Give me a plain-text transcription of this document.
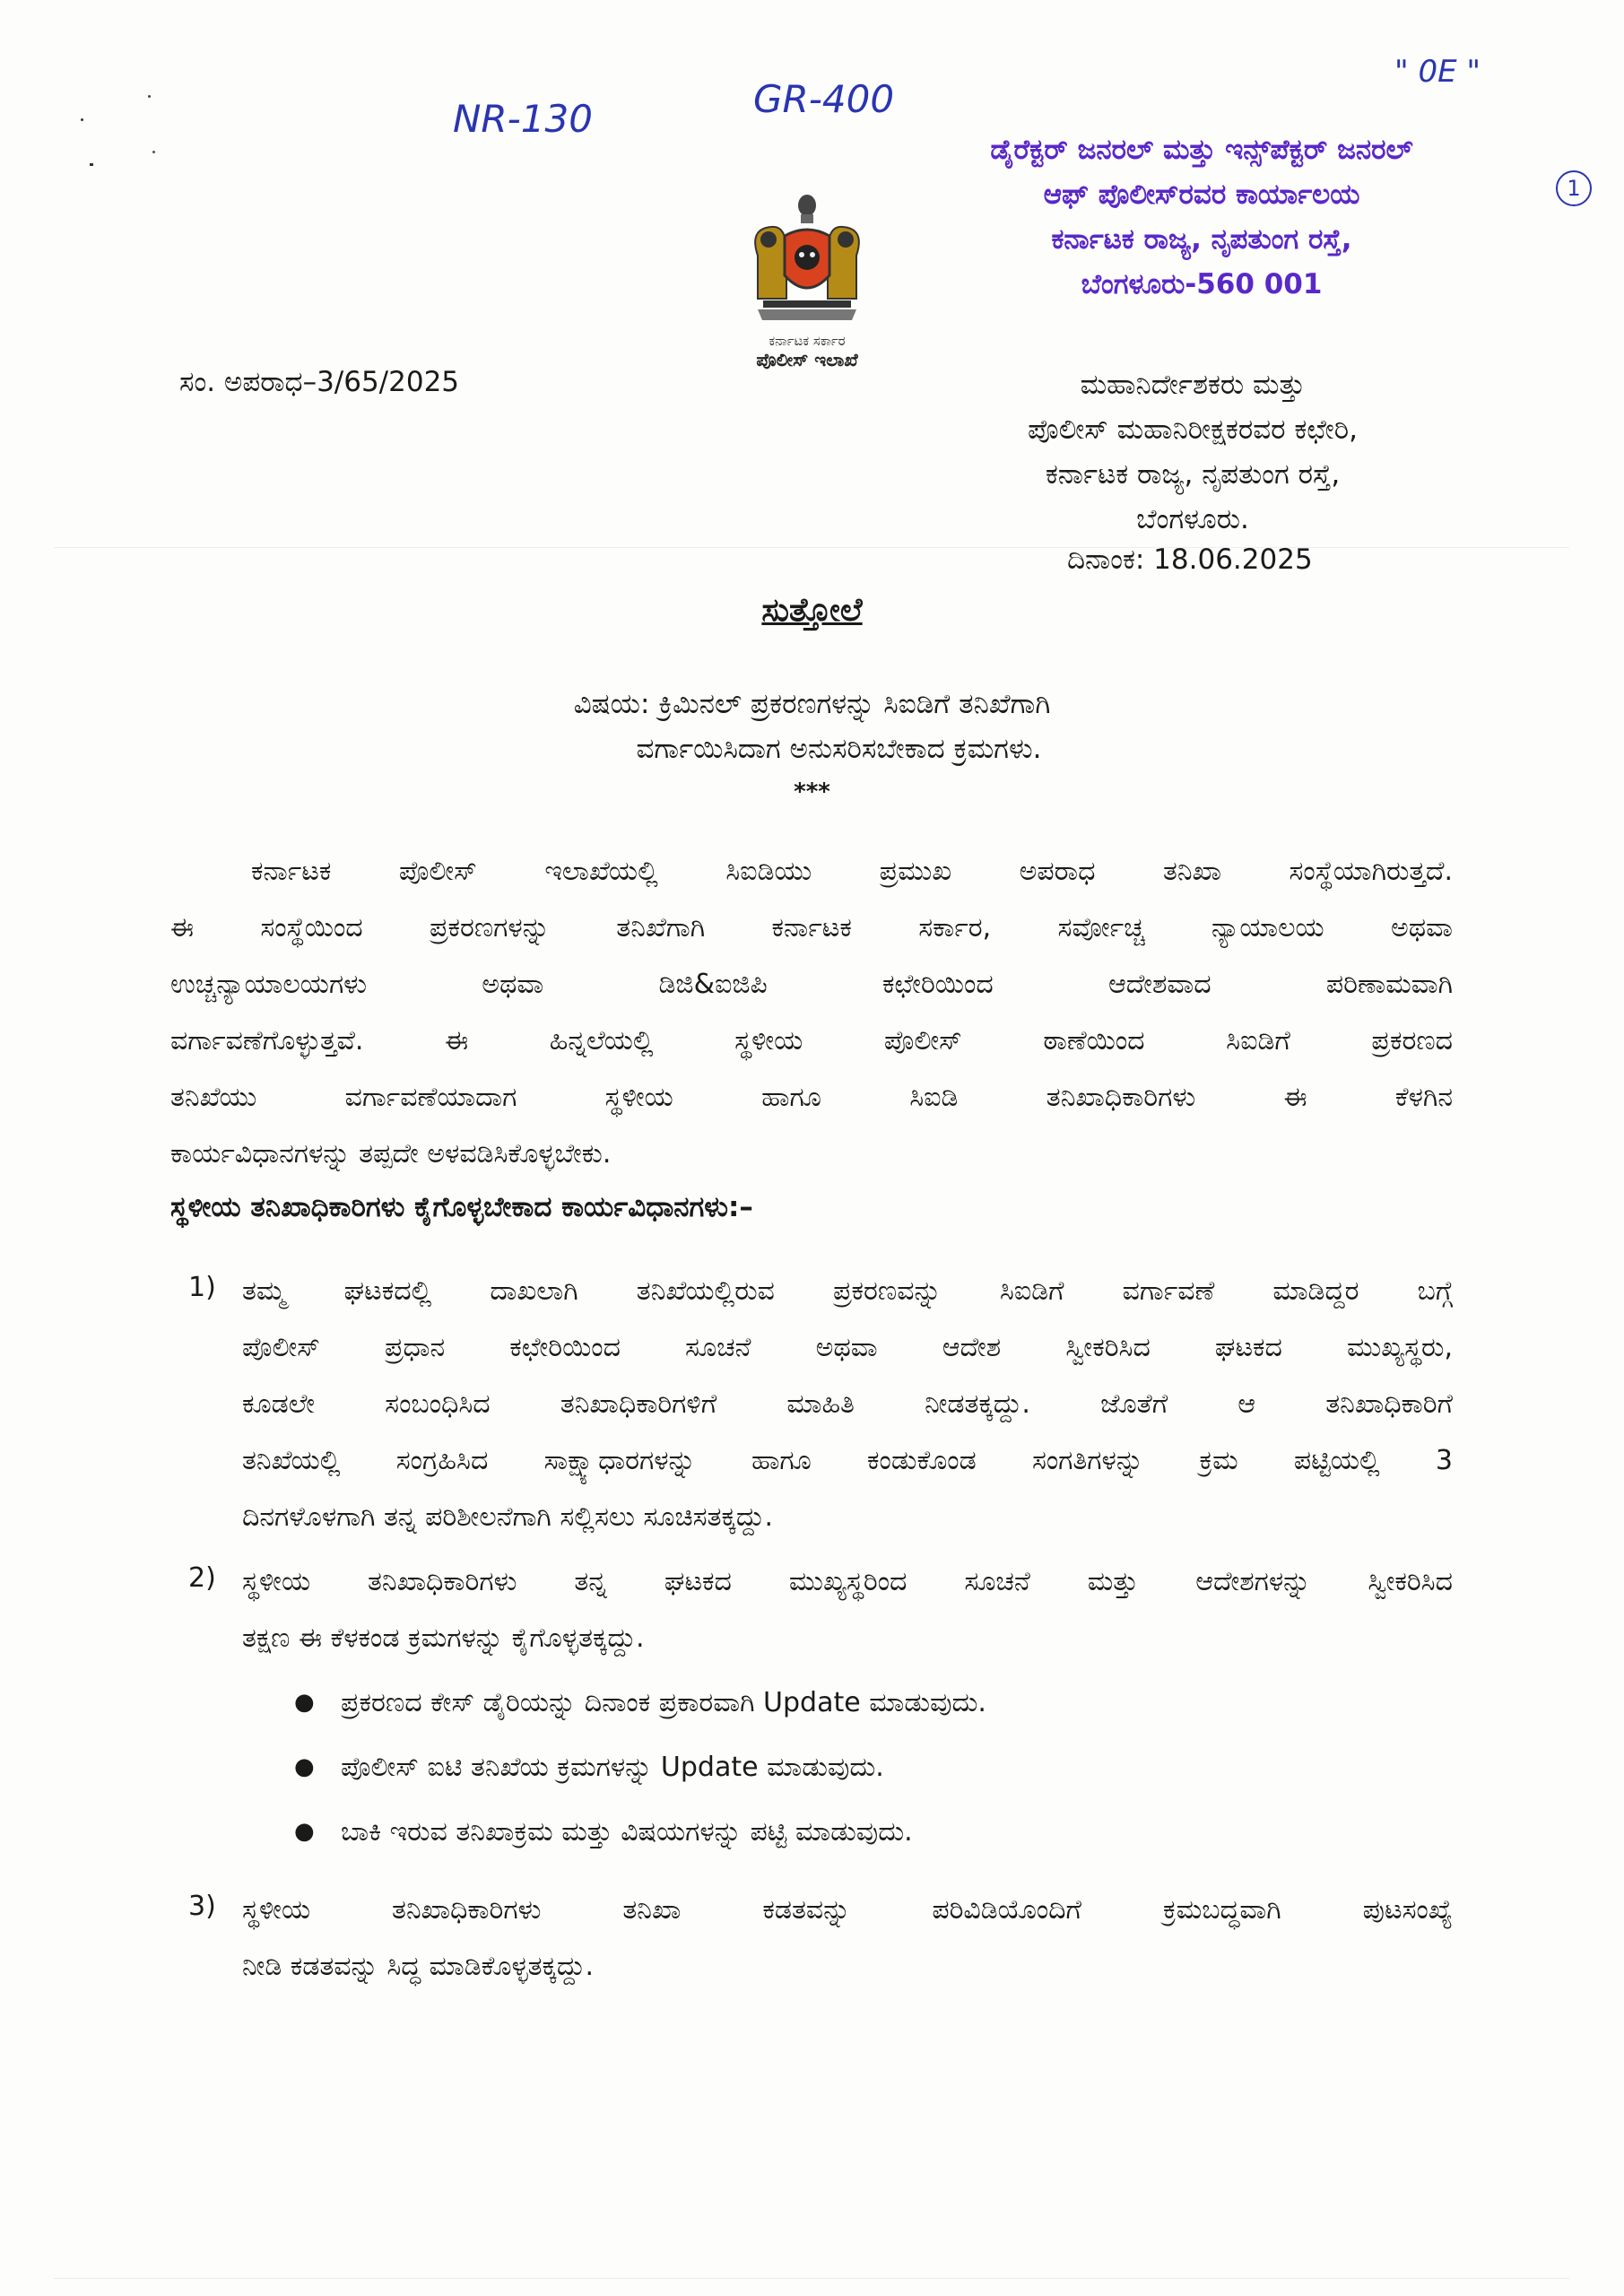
NR-130	GR-400
" 0E "
1
ಡೈರೆಕ್ಟರ್ ಜನರಲ್ ಮತ್ತು ಇನ್ಸ್‌ಪೆಕ್ಟರ್ ಜನರಲ್
ಆಫ್ ಪೊಲೀಸ್‌ರವರ ಕಾರ್ಯಾಲಯ
ಕರ್ನಾಟಕ ರಾಜ್ಯ, ನೃಪತುಂಗ ರಸ್ತೆ,
ಬೆಂಗಳೂರು-560 001
ಕರ್ನಾಟಕ ಸರ್ಕಾರ
ಪೊಲೀಸ್ ಇಲಾಖೆ
ಸಂ. ಅಪರಾಧ–3/65/2025	ಮಹಾನಿರ್ದೇಶಕರು ಮತ್ತು
ಪೊಲೀಸ್ ಮಹಾನಿರೀಕ್ಷಕರವರ ಕಛೇರಿ,
ಕರ್ನಾಟಕ ರಾಜ್ಯ, ನೃಪತುಂಗ ರಸ್ತೆ,
ಬೆಂಗಳೂರು.
ದಿನಾಂಕ: 18.06.2025
ಸುತ್ತೋಲೆ
ವಿಷಯ: ಕ್ರಿಮಿನಲ್ ಪ್ರಕರಣಗಳನ್ನು ಸಿಐಡಿಗೆ ತನಿಖೆಗಾಗಿ
ವರ್ಗಾಯಿಸಿದಾಗ ಅನುಸರಿಸಬೇಕಾದ ಕ್ರಮಗಳು.
***
ಕರ್ನಾಟಕ ಪೊಲೀಸ್ ಇಲಾಖೆಯಲ್ಲಿ ಸಿಐಡಿಯು ಪ್ರಮುಖ ಅಪರಾಧ ತನಿಖಾ ಸಂಸ್ಥೆಯಾಗಿರುತ್ತದೆ.
ಈ ಸಂಸ್ಥೆಯಿಂದ ಪ್ರಕರಣಗಳನ್ನು ತನಿಖೆಗಾಗಿ ಕರ್ನಾಟಕ ಸರ್ಕಾರ, ಸರ್ವೋಚ್ಚ ನ್ಯಾಯಾಲಯ ಅಥವಾ
ಉಚ್ಚನ್ಯಾಯಾಲಯಗಳು ಅಥವಾ ಡಿಜಿ&ಐಜಿಪಿ ಕಛೇರಿಯಿಂದ ಆದೇಶವಾದ ಪರಿಣಾಮವಾಗಿ
ವರ್ಗಾವಣೆಗೊಳ್ಳುತ್ತವೆ. ಈ ಹಿನ್ನಲೆಯಲ್ಲಿ ಸ್ಥಳೀಯ ಪೊಲೀಸ್ ಠಾಣೆಯಿಂದ ಸಿಐಡಿಗೆ ಪ್ರಕರಣದ
ತನಿಖೆಯು ವರ್ಗಾವಣೆಯಾದಾಗ ಸ್ಥಳೀಯ ಹಾಗೂ ಸಿಐಡಿ ತನಿಖಾಧಿಕಾರಿಗಳು ಈ ಕೆಳಗಿನ
ಕಾರ್ಯವಿಧಾನಗಳನ್ನು ತಪ್ಪದೇ ಅಳವಡಿಸಿಕೊಳ್ಳಬೇಕು.
ಸ್ಥಳೀಯ ತನಿಖಾಧಿಕಾರಿಗಳು ಕೈಗೊಳ್ಳಬೇಕಾದ ಕಾರ್ಯವಿಧಾನಗಳು:–
1) ತಮ್ಮ ಘಟಕದಲ್ಲಿ ದಾಖಲಾಗಿ ತನಿಖೆಯಲ್ಲಿರುವ ಪ್ರಕರಣವನ್ನು ಸಿಐಡಿಗೆ ವರ್ಗಾವಣೆ ಮಾಡಿದ್ದರ ಬಗ್ಗೆ
ಪೊಲೀಸ್ ಪ್ರಧಾನ ಕಛೇರಿಯಿಂದ ಸೂಚನೆ ಅಥವಾ ಆದೇಶ ಸ್ವೀಕರಿಸಿದ ಘಟಕದ ಮುಖ್ಯಸ್ಥರು,
ಕೂಡಲೇ ಸಂಬಂಧಿಸಿದ ತನಿಖಾಧಿಕಾರಿಗಳಿಗೆ ಮಾಹಿತಿ ನೀಡತಕ್ಕದ್ದು. ಜೊತೆಗೆ ಆ ತನಿಖಾಧಿಕಾರಿಗೆ
ತನಿಖೆಯಲ್ಲಿ ಸಂಗ್ರಹಿಸಿದ ಸಾಕ್ಷ್ಯಾಧಾರಗಳನ್ನು ಹಾಗೂ ಕಂಡುಕೊಂಡ ಸಂಗತಿಗಳನ್ನು ಕ್ರಮ ಪಟ್ಟಿಯಲ್ಲಿ 3
ದಿನಗಳೊಳಗಾಗಿ ತನ್ನ ಪರಿಶೀಲನೆಗಾಗಿ ಸಲ್ಲಿಸಲು ಸೂಚಿಸತಕ್ಕದ್ದು.
2) ಸ್ಥಳೀಯ ತನಿಖಾಧಿಕಾರಿಗಳು ತನ್ನ ಘಟಕದ ಮುಖ್ಯಸ್ಥರಿಂದ ಸೂಚನೆ ಮತ್ತು ಆದೇಶಗಳನ್ನು ಸ್ವೀಕರಿಸಿದ
ತಕ್ಷಣ ಈ ಕೆಳಕಂಡ ಕ್ರಮಗಳನ್ನು ಕೈಗೊಳ್ಳತಕ್ಕದ್ದು.
● ಪ್ರಕರಣದ ಕೇಸ್ ಡೈರಿಯನ್ನು ದಿನಾಂಕ ಪ್ರಕಾರವಾಗಿ Update ಮಾಡುವುದು.
● ಪೊಲೀಸ್ ಐಟಿ ತನಿಖೆಯ ಕ್ರಮಗಳನ್ನು Update ಮಾಡುವುದು.
● ಬಾಕಿ ಇರುವ ತನಿಖಾಕ್ರಮ ಮತ್ತು ವಿಷಯಗಳನ್ನು ಪಟ್ಟಿ ಮಾಡುವುದು.
3) ಸ್ಥಳೀಯ ತನಿಖಾಧಿಕಾರಿಗಳು ತನಿಖಾ ಕಡತವನ್ನು ಪರಿವಿಡಿಯೊಂದಿಗೆ ಕ್ರಮಬದ್ಧವಾಗಿ ಪುಟಸಂಖ್ಯೆ
ನೀಡಿ ಕಡತವನ್ನು ಸಿದ್ಧ ಮಾಡಿಕೊಳ್ಳತಕ್ಕದ್ದು.
